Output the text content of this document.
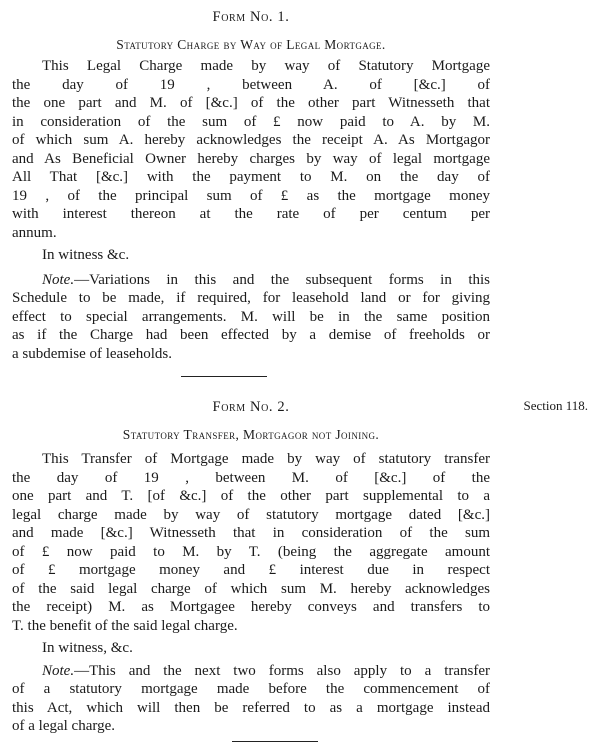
Form No. 1.

Statutory Charge by Way of Legal Mortgage.

This Legal Charge made by way of Statutory Mortgage
the day of 19 , between A. of [&c.] of
the one part and M. of [&c.] of the other part Witnesseth that
in consideration of the sum of £ now paid to A. by M.
of which sum A. hereby acknowledges the receipt A. As Mortgagor
and As Beneficial Owner hereby charges by way of legal mortgage
All That [&c.] with the payment to M. on the day of
19 , of the principal sum of £ as the mortgage money
with interest thereon at the rate of per centum per
annum.

In witness &c.

Note.—Variations in this and the subsequent forms in this
Schedule to be made, if required, for leasehold land or for giving
effect to special arrangements. M. will be in the same position
as if the Charge had been effected by a demise of freeholds or
a subdemise of leaseholds.
Section 118.

Form No. 2.

Statutory Transfer, Mortgagor not Joining.

This Transfer of Mortgage made by way of statutory transfer
the day of 19 , between M. of [&c.] of the
one part and T. [of &c.] of the other part supplemental to a
legal charge made by way of statutory mortgage dated [&c.]
and made [&c.] Witnesseth that in consideration of the sum
of £ now paid to M. by T. (being the aggregate amount
of £ mortgage money and £ interest due in respect
of the said legal charge of which sum M. hereby acknowledges
the receipt) M. as Mortgagee hereby conveys and transfers to
T. the benefit of the said legal charge.

In witness, &c.

Note.—This and the next two forms also apply to a transfer
of a statutory mortgage made before the commencement of
this Act, which will then be referred to as a mortgage instead
of a legal charge.
